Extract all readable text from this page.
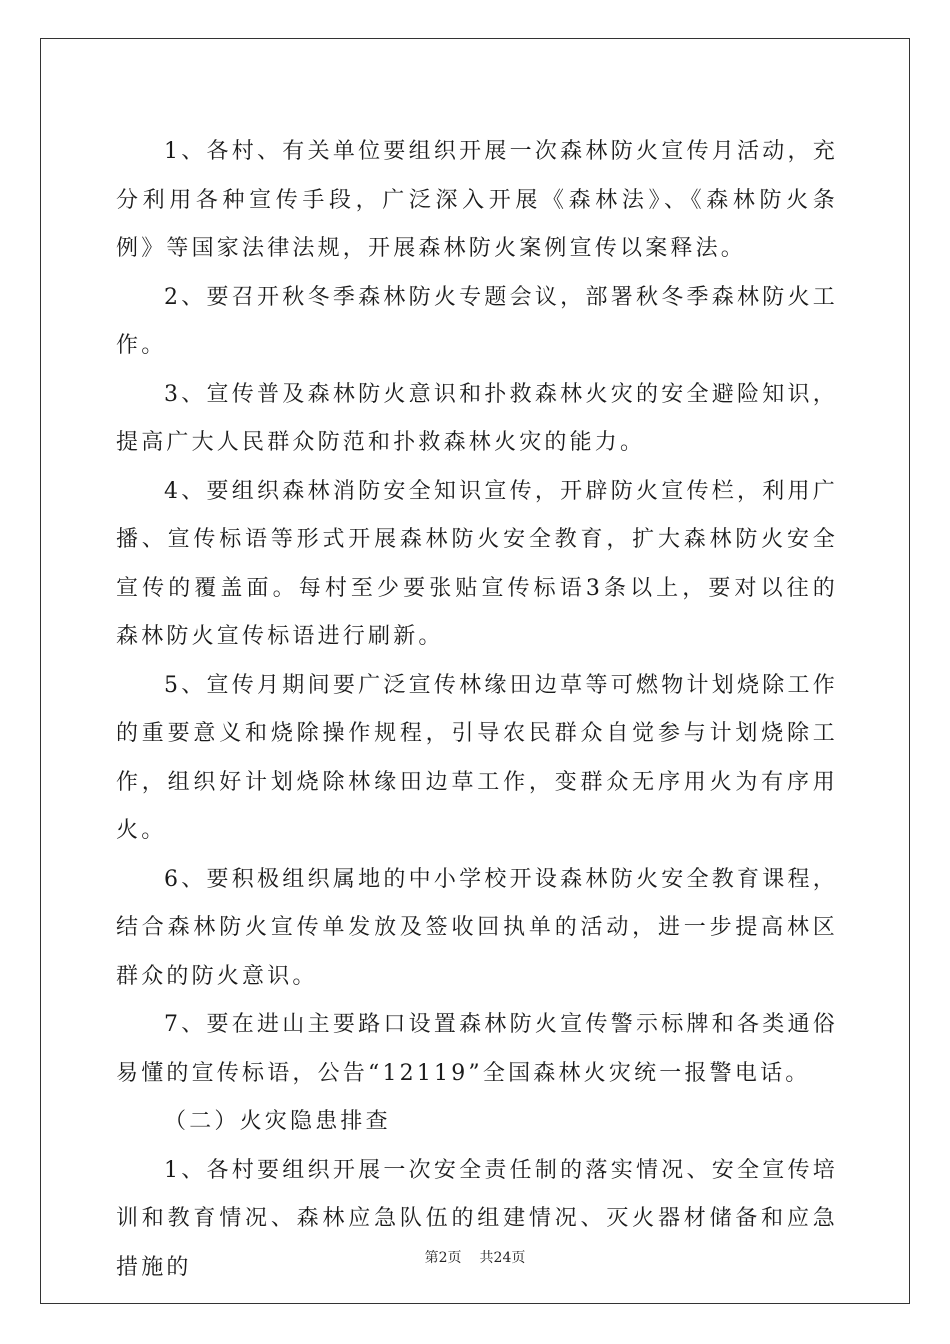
1、各村、有关单位要组织开展一次森林防火宣传月活动，充分利用各种宣传手段，广泛深入开展《森林法》、《森林防火条例》等国家法律法规，开展森林防火案例宣传以案释法。

2、要召开秋冬季森林防火专题会议，部署秋冬季森林防火工作。

3、宣传普及森林防火意识和扑救森林火灾的安全避险知识，提高广大人民群众防范和扑救森林火灾的能力。

4、要组织森林消防安全知识宣传，开辟防火宣传栏，利用广播、宣传标语等形式开展森林防火安全教育，扩大森林防火安全宣传的覆盖面。每村至少要张贴宣传标语3条以上，要对以往的森林防火宣传标语进行刷新。

5、宣传月期间要广泛宣传林缘田边草等可燃物计划烧除工作的重要意义和烧除操作规程，引导农民群众自觉参与计划烧除工作，组织好计划烧除林缘田边草工作，变群众无序用火为有序用火。

6、要积极组织属地的中小学校开设森林防火安全教育课程，结合森林防火宣传单发放及签收回执单的活动，进一步提高林区群众的防火意识。

7、要在进山主要路口设置森林防火宣传警示标牌和各类通俗易懂的宣传标语，公告“12119”全国森林火灾统一报警电话。

（二）火灾隐患排查

1、各村要组织开展一次安全责任制的落实情况、安全宣传培训和教育情况、森林应急队伍的组建情况、灭火器材储备和应急措施的	第2页 共24页
